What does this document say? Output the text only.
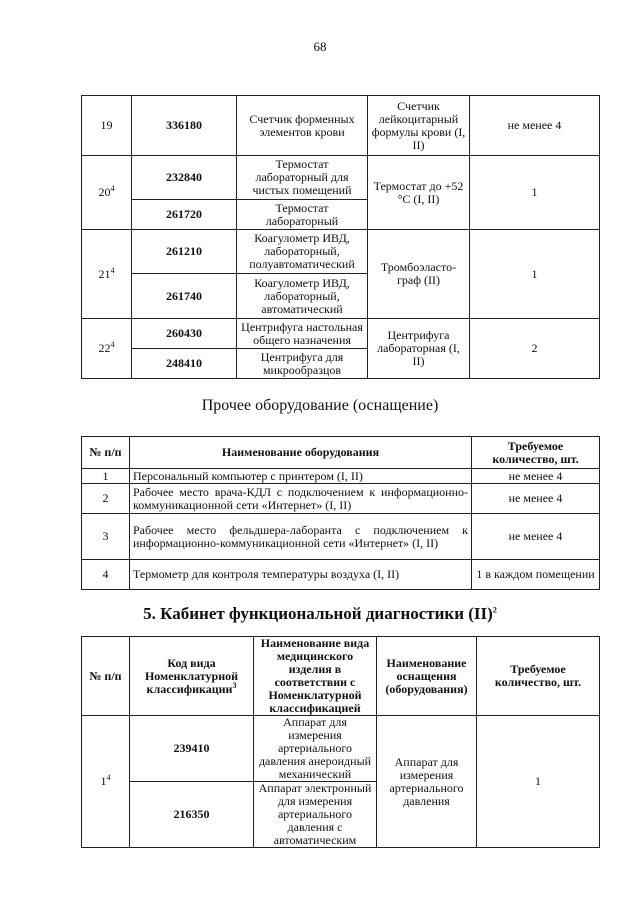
68
19	336180	Счетчик форменных элементов крови	Счетчик лейкоцитарный формулы крови (I, II)	не менее 4
$20^4$	232840	Термостат лабораторный для чистых помещений	Термостат до +52 °С (I, II)	1
	261720	Термостат лабораторный		
$21^4$	261210	Коагулометр ИВД, лабораторный, полуавтоматический	Тромбоэласто-граф (II)	1
	261740	Коагулометр ИВД, лабораторный, автоматический		
$22^4$	260430	Центрифуга настольная общего назначения	Центрифуга лабораторная (I, II)	2
	248410	Центрифуга для микрообразцов		
Прочее оборудование (оснащение)
№ п/п	Наименование оборудования	Требуемое количество, шт.
1	Персональный компьютер с принтером (I, II)	не менее 4
2	Рабочее место врача-КДЛ с подключением к информационно-коммуникационной сети «Интернет» (I, II)	не менее 4
3	Рабочее место фельдшера-лаборанта с подключением к информационно-коммуникационной сети «Интернет» (I, II)	не менее 4
4	Термометр для контроля температуры воздуха (I, II)	1 в каждом помещении
5. Кабинет функциональной диагностики (II)$^2$
№ п/п	Код вида Номенклатурной классификации$^3$	Наименование вида медицинского изделия в соответствии с Номенклатурной классификацией	Наименование оснащения (оборудования)	Требуемое количество, шт.
$1^4$	239410	Аппарат для измерения артериального давления анероидный механический	Аппарат для измерения артериального давления	1
	216350	Аппарат электронный для измерения артериального давления с автоматическим		
